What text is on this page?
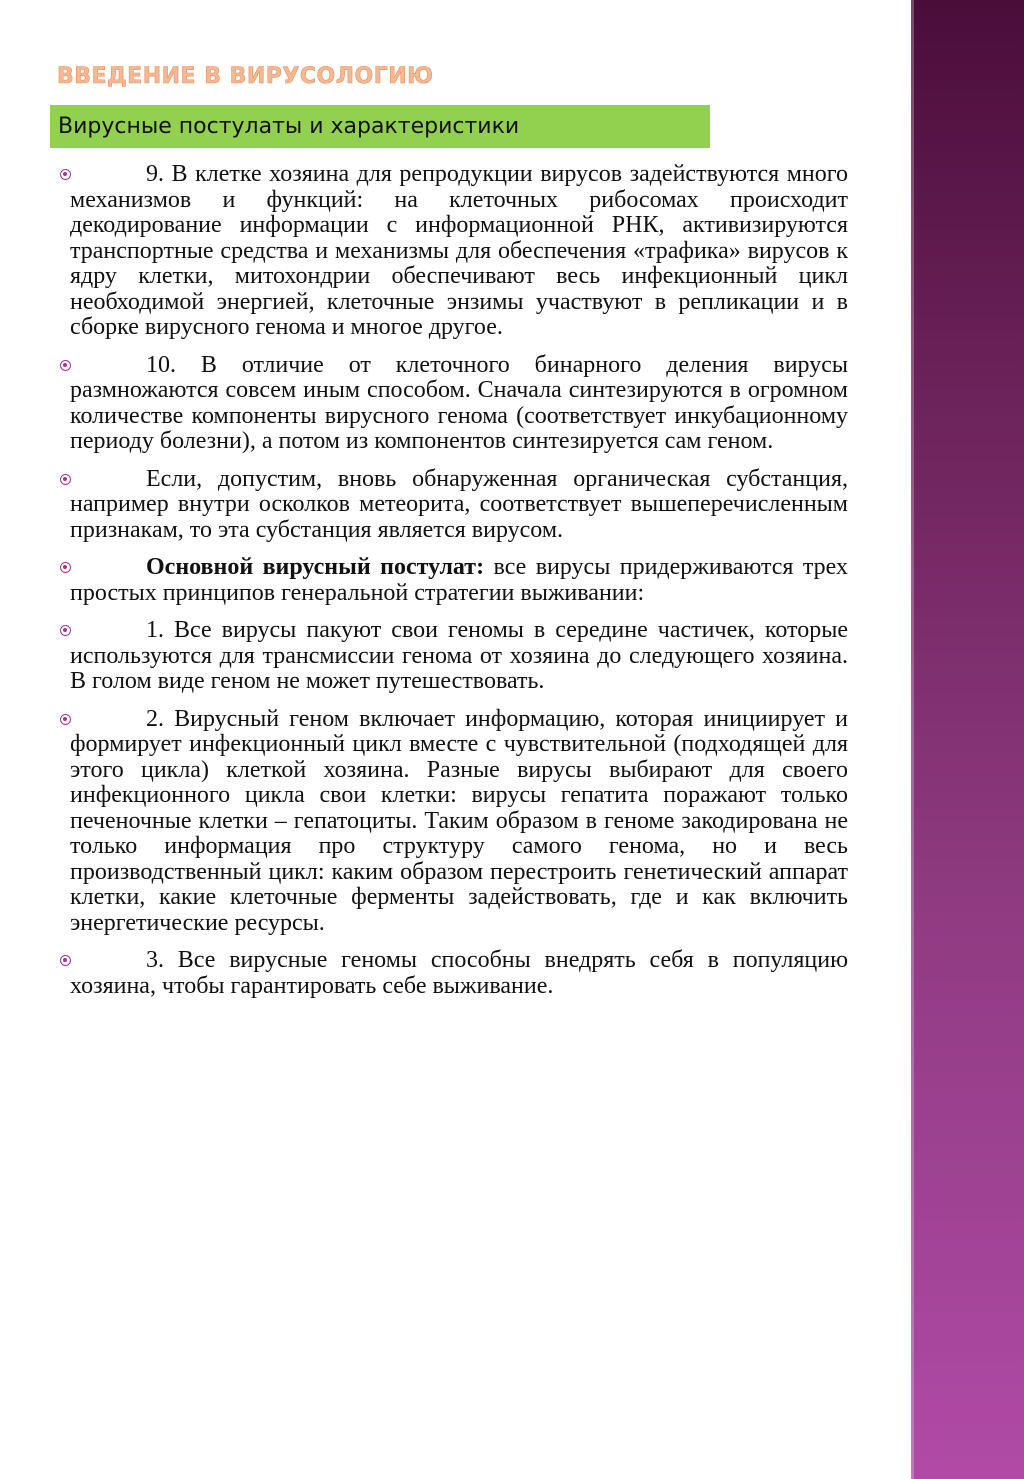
ВВЕДЕНИЕ В ВИРУСОЛОГИЮ
Вирусные постулаты и характеристики
9. В клетке хозяина для репродукции вирусов задействуются много механизмов и функций: на клеточных рибосомах происходит декодирование информации с информационной РНК, активизируются транспортные средства и механизмы для обеспечения «трафика» вирусов к ядру клетки, митохондрии обеспечивают весь инфекционный цикл необходимой энергией, клеточные энзимы участвуют в репликации и в сборке вирусного генома и многое другое.
10. В отличие от клеточного бинарного деления вирусы размножаются совсем иным способом. Сначала синтезируются в огромном количестве компоненты вирусного генома (соответствует инкубационному периоду болезни), а потом из компонентов синтезируется сам геном.
Если, допустим, вновь обнаруженная органическая субстанция, например внутри осколков метеорита, соответствует вышеперечисленным признакам, то эта субстанция является вирусом.
Основной вирусный постулат: все вирусы придерживаются трех простых принципов генеральной стратегии выживании:
1. Все вирусы пакуют свои геномы в середине частичек, которые используются для трансмиссии генома от хозяина до следующего хозяина. В голом виде геном не может путешествовать.
2. Вирусный геном включает информацию, которая инициирует и формирует инфекционный цикл вместе с чувствительной (подходящей для этого цикла) клеткой хозяина. Разные вирусы выбирают для своего инфекционного цикла свои клетки: вирусы гепатита поражают только печеночные клетки – гепатоциты. Таким образом в геноме закодирована не только информация про структуру самого генома, но и весь производственный цикл: каким образом перестроить генетический аппарат клетки, какие клеточные ферменты задействовать, где и как включить энергетические ресурсы.
3. Все вирусные геномы способны внедрять себя в популяцию хозяина, чтобы гарантировать себе выживание.
